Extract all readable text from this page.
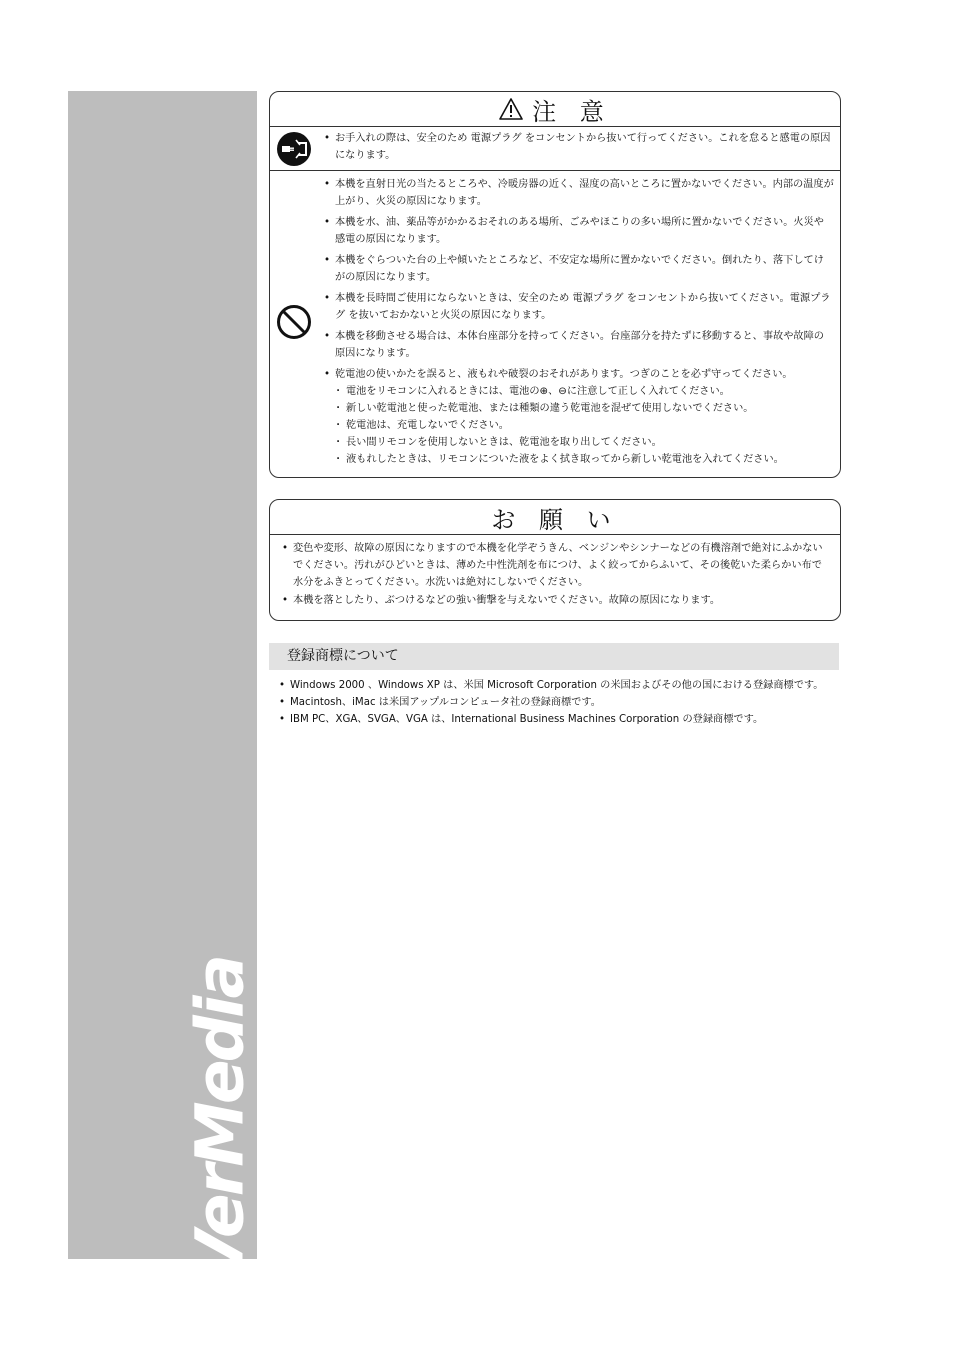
AVerMedia
注 意
• お手入れの際は、安全のため 電源プラグ をコンセントから抜いて行ってください。これを怠ると感電の原因になります。
• 本機を直射日光の当たるところや、冷暖房器の近く、湿度の高いところに置かないでください。内部の温度が上がり、火災の原因になります。
• 本機を水、油、薬品等がかかるおそれのある場所、ごみやほこりの多い場所に置かないでください。火災や感電の原因になります。
• 本機をぐらついた台の上や傾いたところなど、不安定な場所に置かないでください。倒れたり、落下してけがの原因になります。
• 本機を長時間ご使用にならないときは、安全のため 電源プラグ をコンセントから抜いてください。電源プラグ を抜いておかないと火災の原因になります。
• 本機を移動させる場合は、本体台座部分を持ってください。台座部分を持たずに移動すると、事故や故障の原因になります。
• 乾電池の使いかたを誤ると、液もれや破裂のおそれがあります。つぎのことを必ず守ってください。
・ 電池をリモコンに入れるときには、電池の⊕、⊖に注意して正しく入れてください。
・ 新しい乾電池と使った乾電池、または種類の違う乾電池を混ぜて使用しないでください。
・ 乾電池は、充電しないでください。
・ 長い間リモコンを使用しないときは、乾電池を取り出してください。
・ 液もれしたときは、リモコンについた液をよく拭き取ってから新しい乾電池を入れてください。
お 願 い
• 変色や変形、故障の原因になりますので本機を化学ぞうきん、ベンジンやシンナーなどの有機溶剤で絶対にふかないでください。汚れがひどいときは、薄めた中性洗剤を布につけ、よく絞ってからふいて、その後乾いた柔らかい布で水分をふきとってください。水洗いは絶対にしないでください。
• 本機を落としたり、ぶつけるなどの強い衝撃を与えないでください。故障の原因になります。
登録商標について
• Windows 2000 、Windows XP は、米国 Microsoft Corporation の米国およびその他の国における登録商標です。
• Macintosh、iMac は米国アップルコンピュータ社の登録商標です。
• IBM PC、XGA、SVGA、VGA は、International Business Machines Corporation の登録商標です。
